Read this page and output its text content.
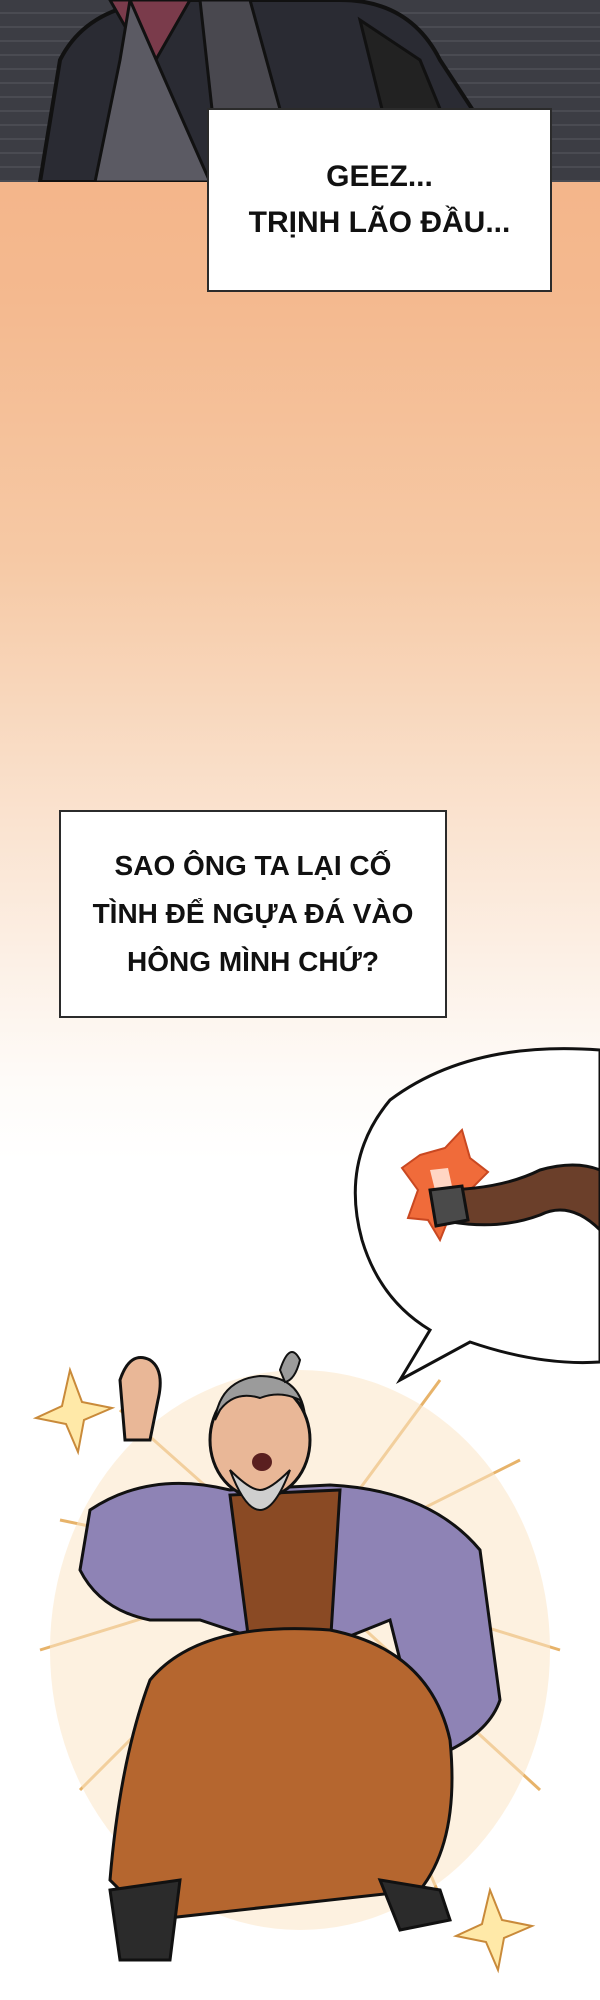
GEEZ...
TRỊNH LÃO ĐẦU...
SAO ÔNG TA LẠI CỐ
TÌNH ĐỂ NGỰA ĐÁ VÀO
HÔNG MÌNH CHỨ?
